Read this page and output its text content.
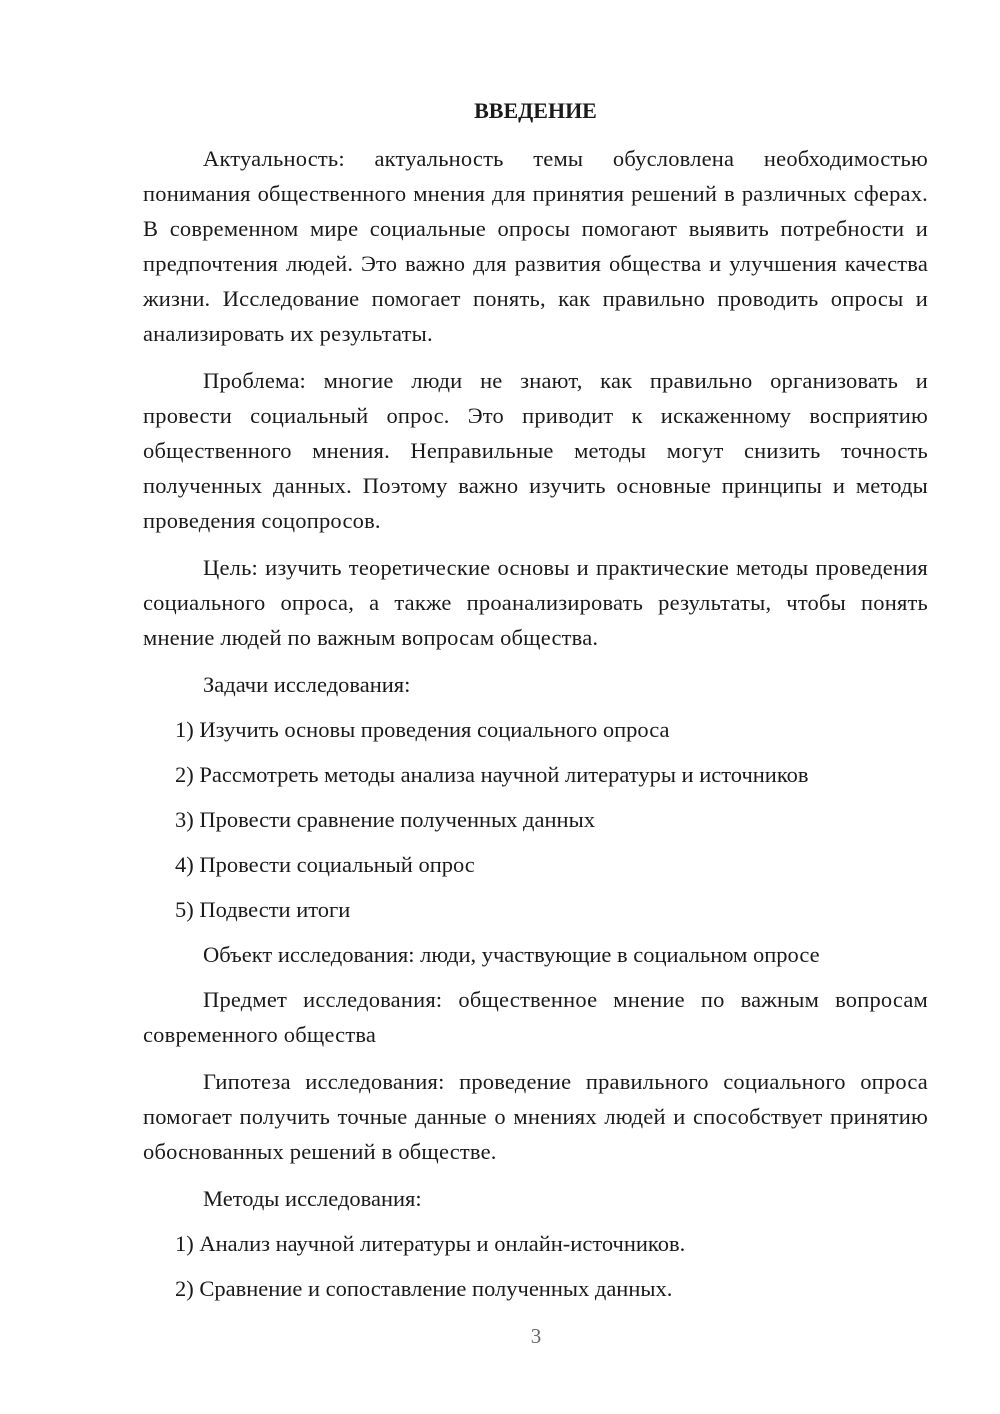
ВВЕДЕНИЕ

Актуальность: актуальность темы обусловлена необходимостью понимания общественного мнения для принятия решений в различных сферах. В современном мире социальные опросы помогают выявить потребности и предпочтения людей. Это важно для развития общества и улучшения качества жизни. Исследование помогает понять, как правильно проводить опросы и анализировать их результаты.

Проблема: многие люди не знают, как правильно организовать и провести социальный опрос. Это приводит к искаженному восприятию общественного мнения. Неправильные методы могут снизить точность полученных данных. Поэтому важно изучить основные принципы и методы проведения соцопросов.

Цель: изучить теоретические основы и практические методы проведения социального опроса, а также проанализировать результаты, чтобы понять мнение людей по важным вопросам общества.

Задачи исследования:
1) Изучить основы проведения социального опроса
2) Рассмотреть методы анализа научной литературы и источников
3) Провести сравнение полученных данных
4) Провести социальный опрос
5) Подвести итоги
Объект исследования: люди, участвующие в социальном опросе

Предмет исследования: общественное мнение по важным вопросам современного общества

Гипотеза исследования: проведение правильного социального опроса помогает получить точные данные о мнениях людей и способствует принятию обоснованных решений в обществе.

Методы исследования:
1) Анализ научной литературы и онлайн-источников.
2) Сравнение и сопоставление полученных данных.
3
